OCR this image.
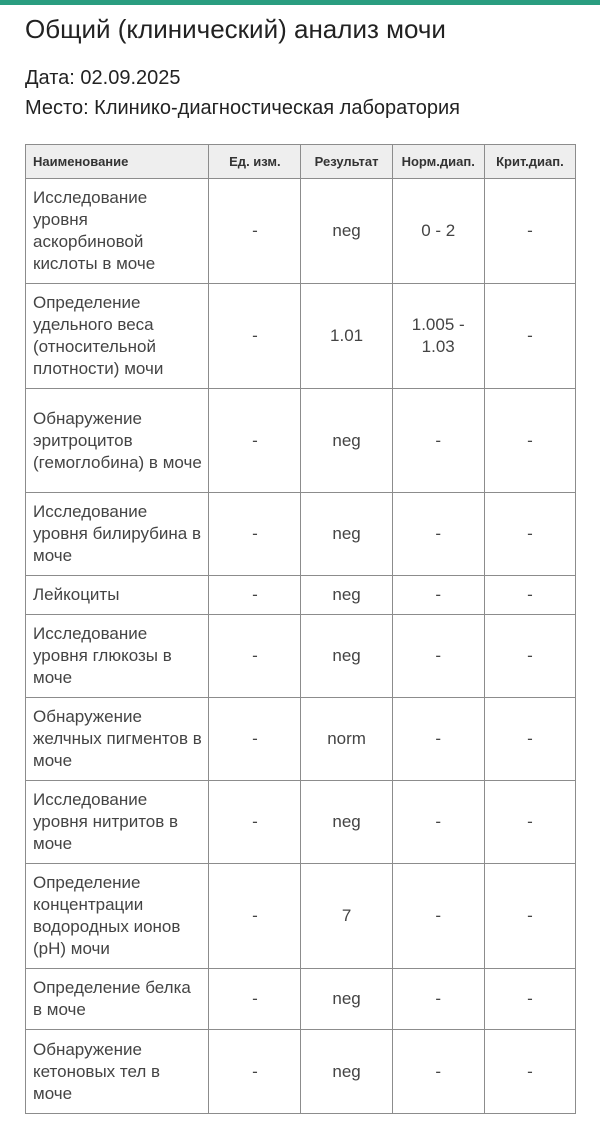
Общий (клинический) анализ мочи
Дата: 02.09.2025
Место: Клинико-диагностическая лаборатория
Наименование	Ед. изм.	Результат	Норм.диап.	Крит.диап.
Исследование уровня аскорбиновой кислоты в моче	-	neg	0 - 2	-
Определение удельного веса (относительной плотности) мочи	-	1.01	1.005 - 1.03	-
Обнаружение эритроцитов (гемоглобина) в моче	-	neg	-	-
Исследование уровня билирубина в моче	-	neg	-	-
Лейкоциты	-	neg	-	-
Исследование уровня глюкозы в моче	-	neg	-	-
Обнаружение желчных пигментов в моче	-	norm	-	-
Исследование уровня нитритов в моче	-	neg	-	-
Определение концентрации водородных ионов (pH) мочи	-	7	-	-
Определение белка в моче	-	neg	-	-
Обнаружение кетоновых тел в моче	-	neg	-	-
